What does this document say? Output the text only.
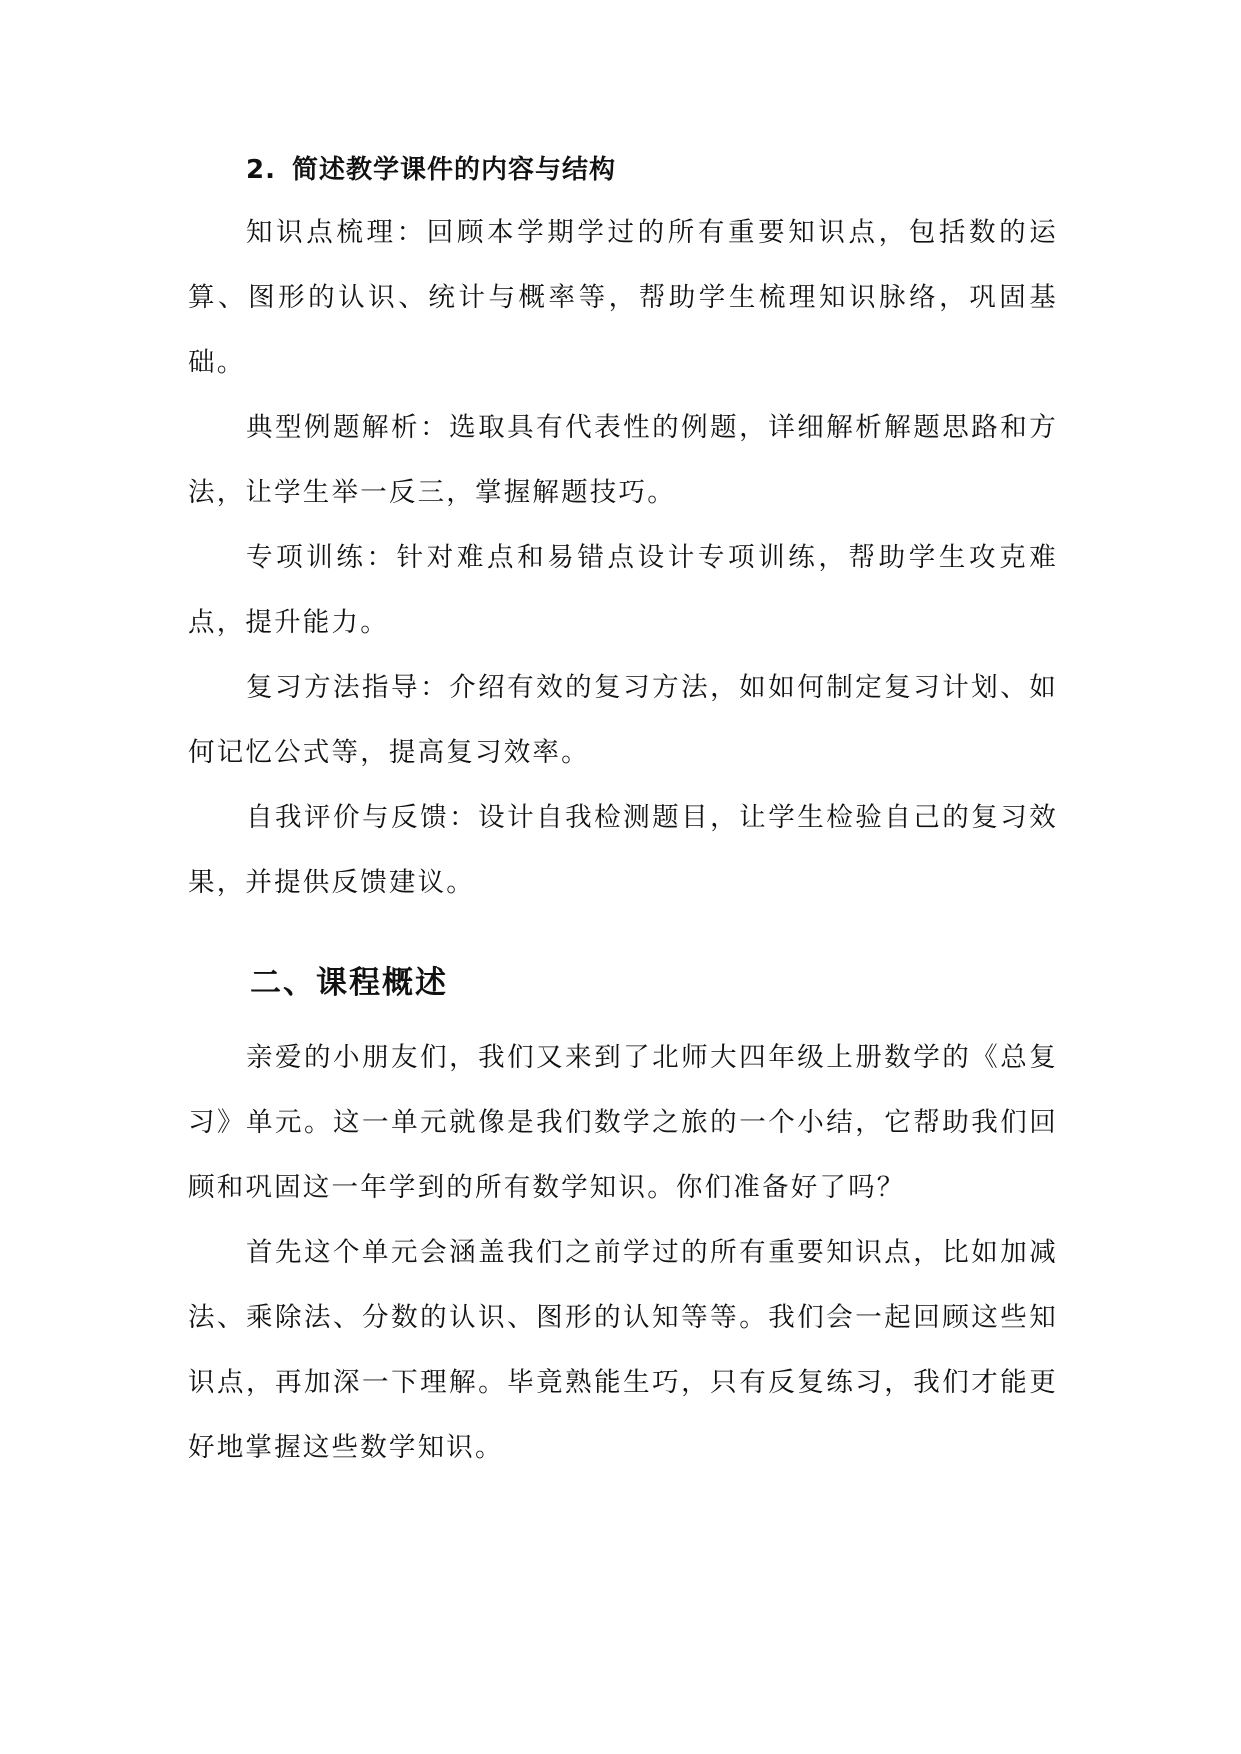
2. 简述教学课件的内容与结构

知识点梳理：回顾本学期学过的所有重要知识点，包括数的运算、图形的认识、统计与概率等，帮助学生梳理知识脉络，巩固基础。

典型例题解析：选取具有代表性的例题，详细解析解题思路和方法，让学生举一反三，掌握解题技巧。

专项训练：针对难点和易错点设计专项训练，帮助学生攻克难点，提升能力。

复习方法指导：介绍有效的复习方法，如如何制定复习计划、如何记忆公式等，提高复习效率。

自我评价与反馈：设计自我检测题目，让学生检验自己的复习效果，并提供反馈建议。

二、课程概述

亲爱的小朋友们，我们又来到了北师大四年级上册数学的《总复习》单元。这一单元就像是我们数学之旅的一个小结，它帮助我们回顾和巩固这一年学到的所有数学知识。你们准备好了吗？

首先这个单元会涵盖我们之前学过的所有重要知识点，比如加减法、乘除法、分数的认识、图形的认知等等。我们会一起回顾这些知识点，再加深一下理解。毕竟熟能生巧，只有反复练习，我们才能更好地掌握这些数学知识。
